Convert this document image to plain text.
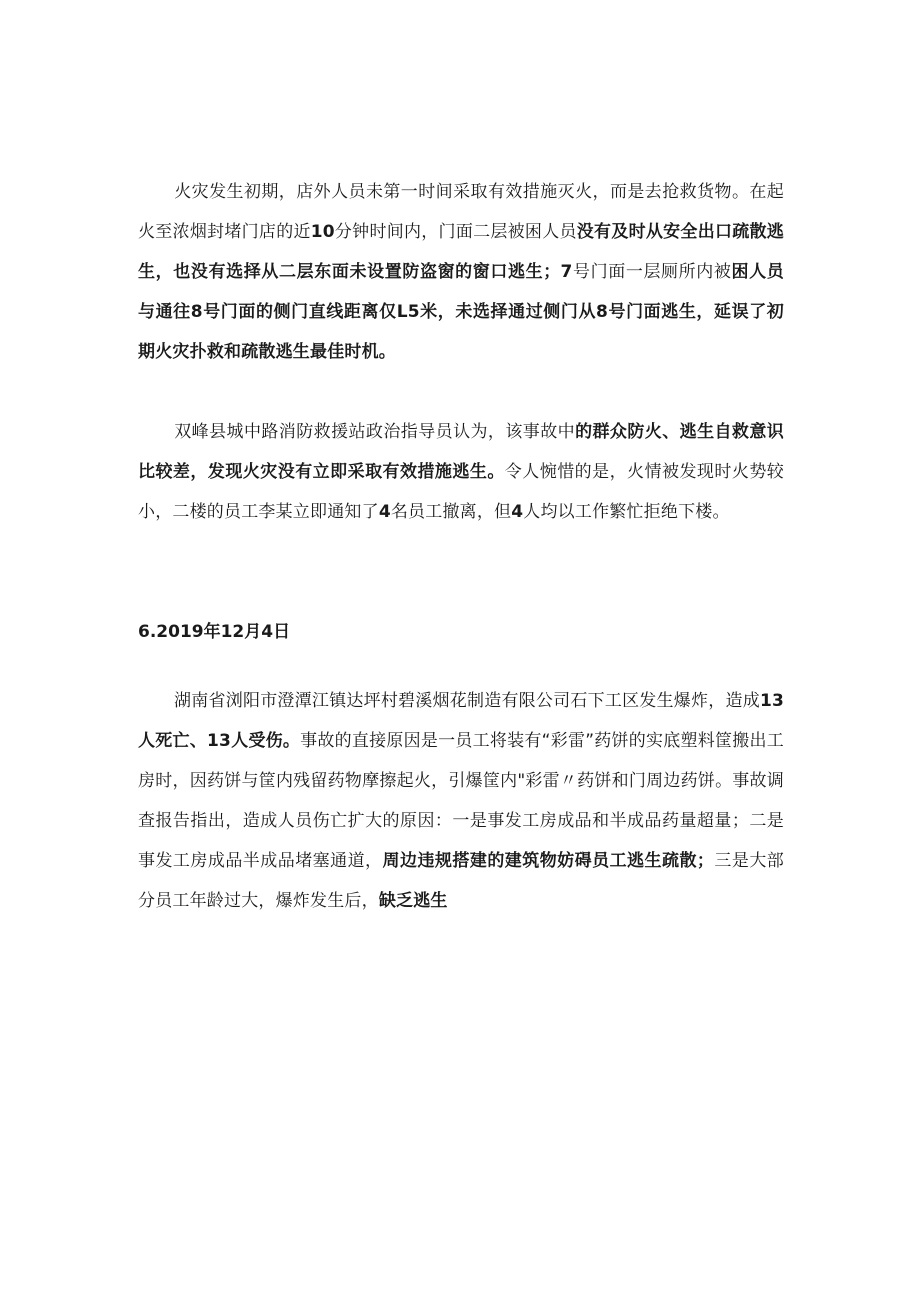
火灾发生初期，店外人员未第一时间采取有效措施灭火，而是去抢救货物。在起火至浓烟封堵门店的近10分钟时间内，门面二层被困人员没有及时从安全出口疏散逃生，也没有选择从二层东面未设置防盗窗的窗口逃生；7号门面一层厕所内被困人员与通往8号门面的侧门直线距离仅L5米，未选择通过侧门从8号门面逃生，延误了初期火灾扑救和疏散逃生最佳时机。

双峰县城中路消防救援站政治指导员认为，该事故中的群众防火、逃生自救意识比较差，发现火灾没有立即采取有效措施逃生。令人惋惜的是，火情被发现时火势较小，二楼的员工李某立即通知了4名员工撤离，但4人均以工作繁忙拒绝下楼。

6.2019年12月4日

湖南省浏阳市澄潭江镇达坪村碧溪烟花制造有限公司石下工区发生爆炸，造成13人死亡、13人受伤。事故的直接原因是一员工将装有“彩雷”药饼的实底塑料筐搬出工房时，因药饼与筐内残留药物摩擦起火，引爆筐内"彩雷〃药饼和门周边药饼。事故调查报告指出，造成人员伤亡扩大的原因：一是事发工房成品和半成品药量超量；二是事发工房成品半成品堵塞通道，周边违规搭建的建筑物妨碍员工逃生疏散；三是大部分员工年龄过大，爆炸发生后，缺乏逃生
